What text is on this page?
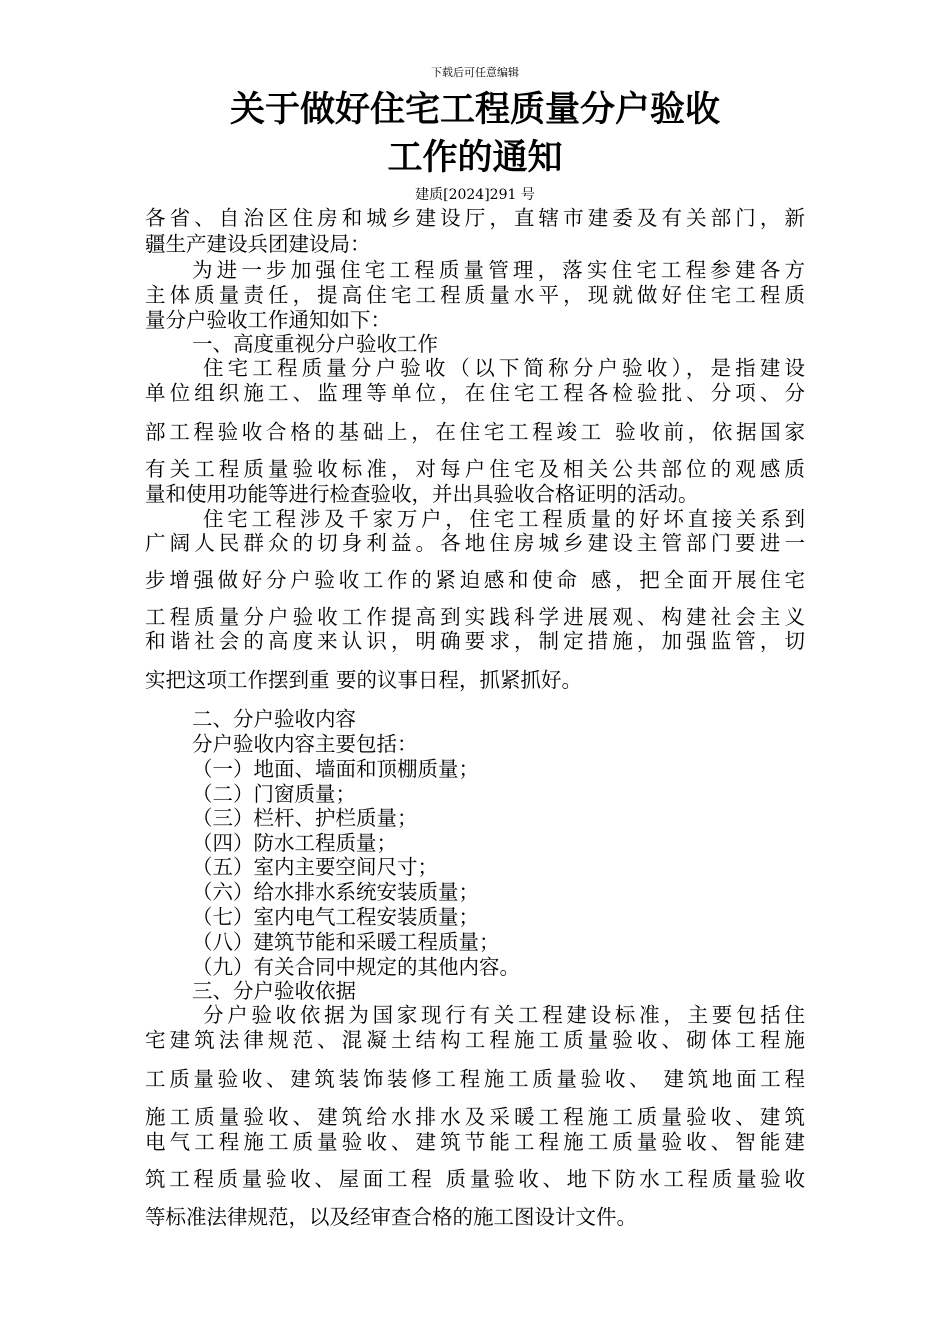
下载后可任意编辑
关于做好住宅工程质量分户验收
工作的通知
建质[2024]291 号
各省、自治区住房和城乡建设厅，直辖市建委及有关部门，新
疆生产建设兵团建设局：
为进一步加强住宅工程质量管理，落实住宅工程参建各方
主体质量责任，提高住宅工程质量水平，现就做好住宅工程质
量分户验收工作通知如下：
一、高度重视分户验收工作
住宅工程质量分户验收（以下简称分户验收），是指建设
单位组织施工、监理等单位，在住宅工程各检验批、分项、分
部工程验收合格的基础上，在住宅工程竣工 验收前，依据国家
有关工程质量验收标准，对每户住宅及相关公共部位的观感质
量和使用功能等进行检查验收，并出具验收合格证明的活动。
住宅工程涉及千家万户，住宅工程质量的好坏直接关系到
广阔人民群众的切身利益。各地住房城乡建设主管部门要进一
步增强做好分户验收工作的紧迫感和使命 感，把全面开展住宅
工程质量分户验收工作提高到实践科学进展观、构建社会主义
和谐社会的高度来认识，明确要求，制定措施，加强监管，切
实把这项工作摆到重 要的议事日程，抓紧抓好。
二、分户验收内容
分户验收内容主要包括：
（一）地面、墙面和顶棚质量；
（二）门窗质量；
（三）栏杆、护栏质量；
（四）防水工程质量；
（五）室内主要空间尺寸；
（六）给水排水系统安装质量；
（七）室内电气工程安装质量；
（八）建筑节能和采暖工程质量；
（九）有关合同中规定的其他内容。
三、分户验收依据
分户验收依据为国家现行有关工程建设标准，主要包括住
宅建筑法律规范、混凝土结构工程施工质量验收、砌体工程施
工质量验收、建筑装饰装修工程施工质量验收、 建筑地面工程
施工质量验收、建筑给水排水及采暖工程施工质量验收、建筑
电气工程施工质量验收、建筑节能工程施工质量验收、智能建
筑工程质量验收、屋面工程 质量验收、地下防水工程质量验收
等标准法律规范，以及经审查合格的施工图设计文件。
